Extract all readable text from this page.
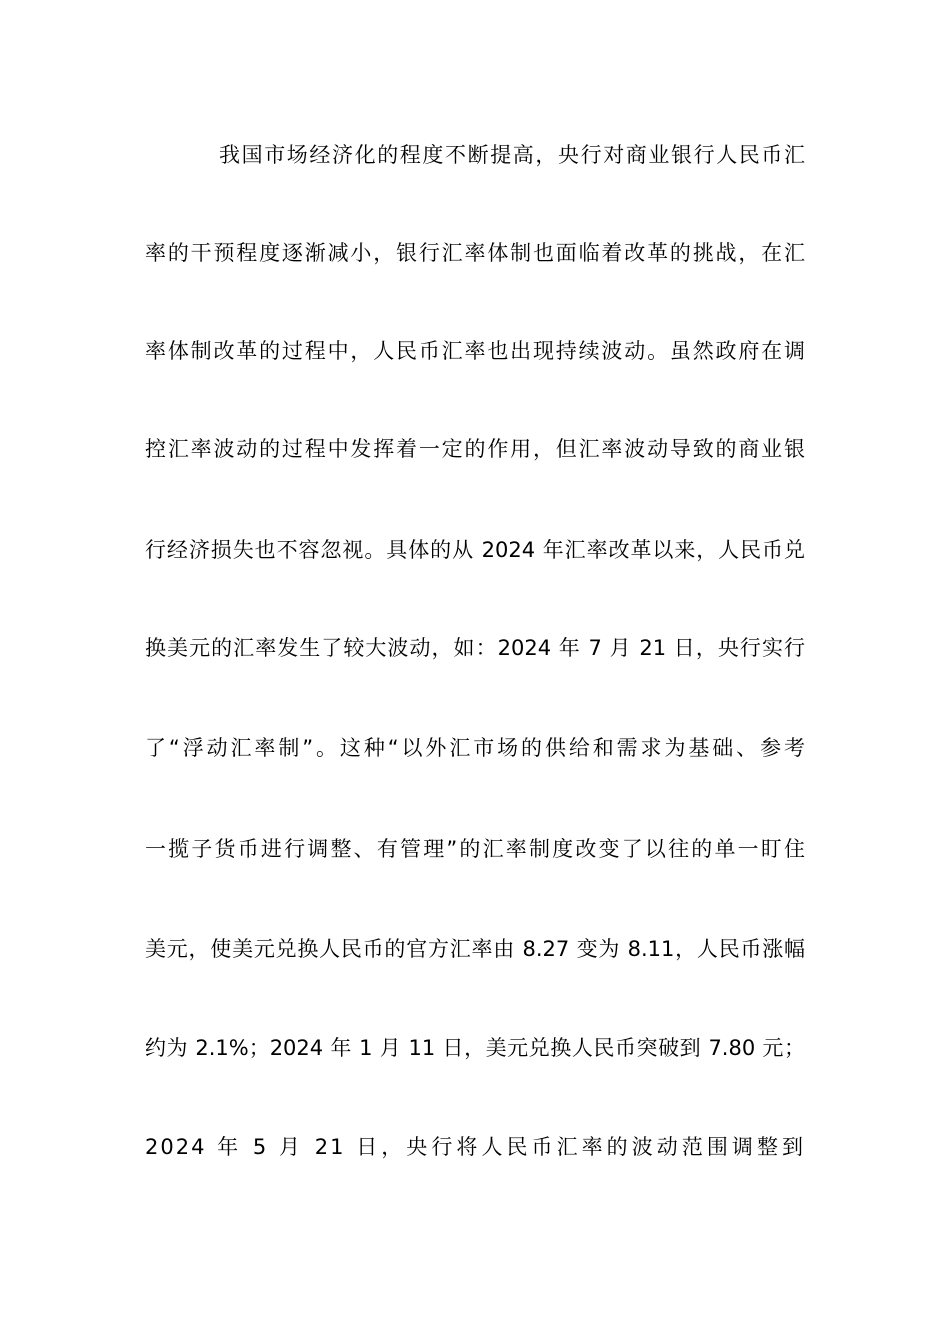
我国市场经济化的程度不断提高，央行对商业银行人民币汇
率的干预程度逐渐减小，银行汇率体制也面临着改革的挑战，在汇
率体制改革的过程中，人民币汇率也出现持续波动。虽然政府在调
控汇率波动的过程中发挥着一定的作用，但汇率波动导致的商业银
行经济损失也不容忽视。具体的从 2024 年汇率改革以来，人民币兑
换美元的汇率发生了较大波动，如：2024 年 7 月 21 日，央行实行
了“浮动汇率制”。这种“以外汇市场的供给和需求为基础、参考
一揽子货币进行调整、有管理”的汇率制度改变了以往的单一盯住
美元，使美元兑换人民币的官方汇率由 8.27 变为 8.11，人民币涨幅
约为 2.1%；2024 年 1 月 11 日，美元兑换人民币突破到 7.80 元；
2024 年 5 月 21 日，央行将人民币汇率的波动范围调整到
